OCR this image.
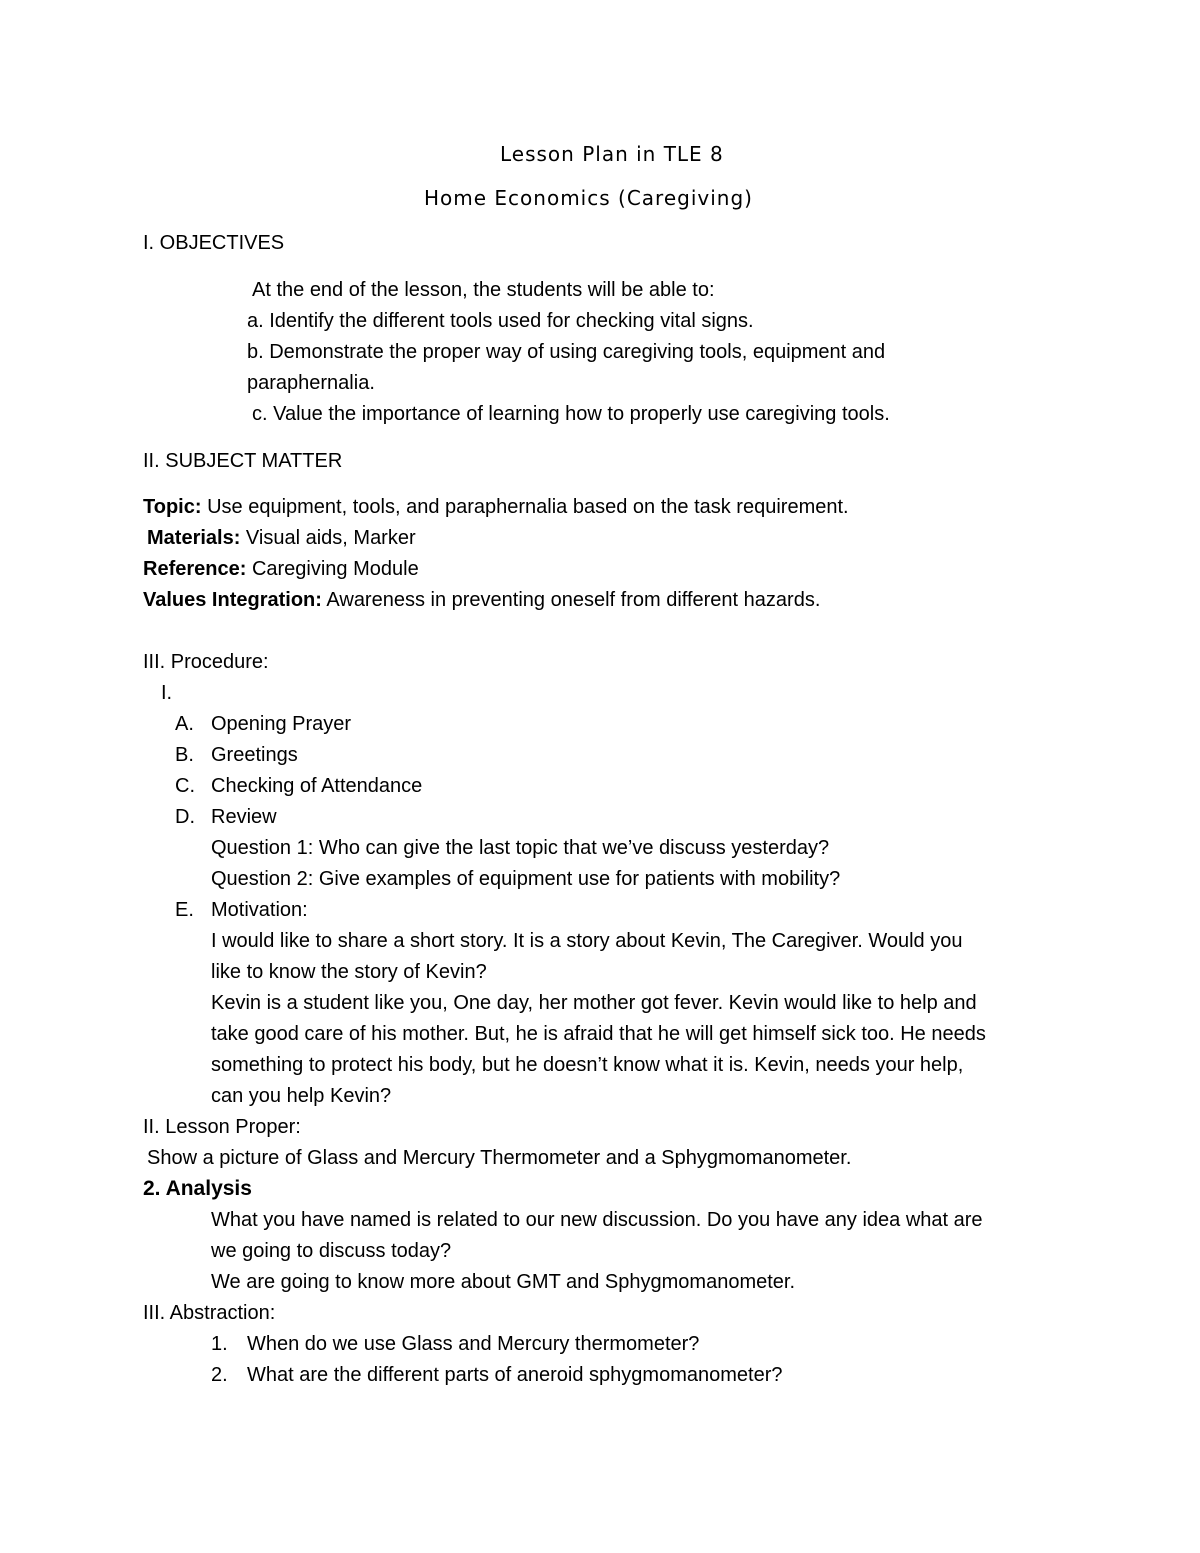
Lesson Plan in TLE 8
Home Economics (Caregiving)
I. OBJECTIVES
At the end of the lesson, the students will be able to:
a. Identify the different tools used for checking vital signs.
b. Demonstrate the proper way of using caregiving tools, equipment and
paraphernalia.
c. Value the importance of learning how to properly use caregiving tools.
II. SUBJECT MATTER
Topic: Use equipment, tools, and paraphernalia based on the task requirement.
Materials: Visual aids, Marker
Reference: Caregiving Module
Values Integration: Awareness in preventing oneself from different hazards.
III. Procedure:
I.
A. Opening Prayer
B. Greetings
C. Checking of Attendance
D. Review
Question 1: Who can give the last topic that we’ve discuss yesterday?
Question 2: Give examples of equipment use for patients with mobility?
E. Motivation:
I would like to share a short story. It is a story about Kevin, The Caregiver. Would you
like to know the story of Kevin?
Kevin is a student like you, One day, her mother got fever. Kevin would like to help and
take good care of his mother. But, he is afraid that he will get himself sick too. He needs
something to protect his body, but he doesn’t know what it is. Kevin, needs your help,
can you help Kevin?
II. Lesson Proper:
Show a picture of Glass and Mercury Thermometer and a Sphygmomanometer.
2. Analysis
What you have named is related to our new discussion. Do you have any idea what are
we going to discuss today?
We are going to know more about GMT and Sphygmomanometer.
III. Abstraction:
1. When do we use Glass and Mercury thermometer?
2. What are the different parts of aneroid sphygmomanometer?
